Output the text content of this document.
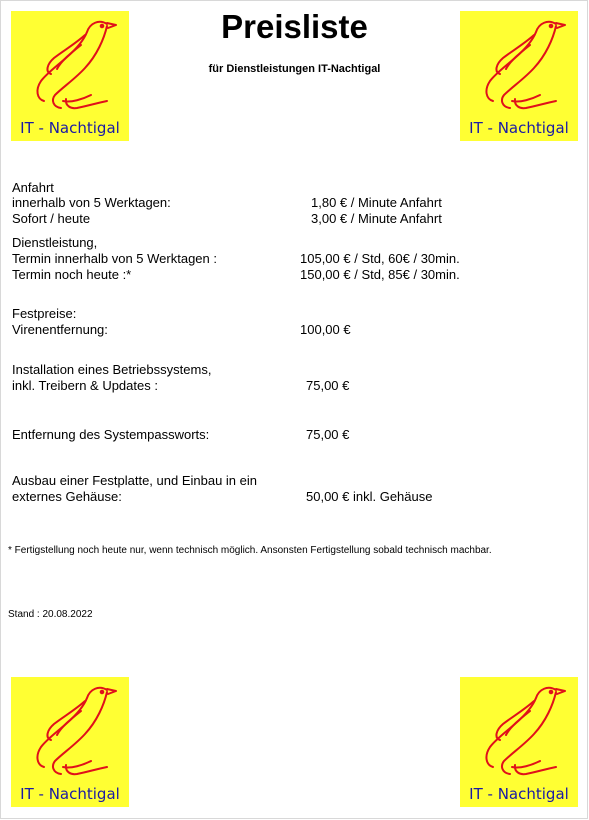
IT - Nachtigal	IT - Nachtigal
IT - Nachtigal	IT - Nachtigal
Preisliste
für Dienstleistungen IT-Nachtigal
Anfahrt
innerhalb von 5 Werktagen:	1,80 € / Minute Anfahrt
Sofort / heute	3,00 € / Minute Anfahrt
Dienstleistung,
Termin innerhalb von 5 Werktagen :	105,00 € / Std, 60€ / 30min.
Termin noch heute :*	150,00 € / Std, 85€ / 30min.
Festpreise:
Virenentfernung:	100,00 €
Installation eines Betriebssystems,
inkl. Treibern & Updates :	75,00 €
Entfernung des Systempassworts:	75,00 €
Ausbau einer Festplatte, und Einbau in ein
externes Gehäuse:	50,00 € inkl. Gehäuse
* Fertigstellung noch heute nur, wenn technisch möglich. Ansonsten Fertigstellung sobald technisch machbar.
Stand : 20.08.2022
